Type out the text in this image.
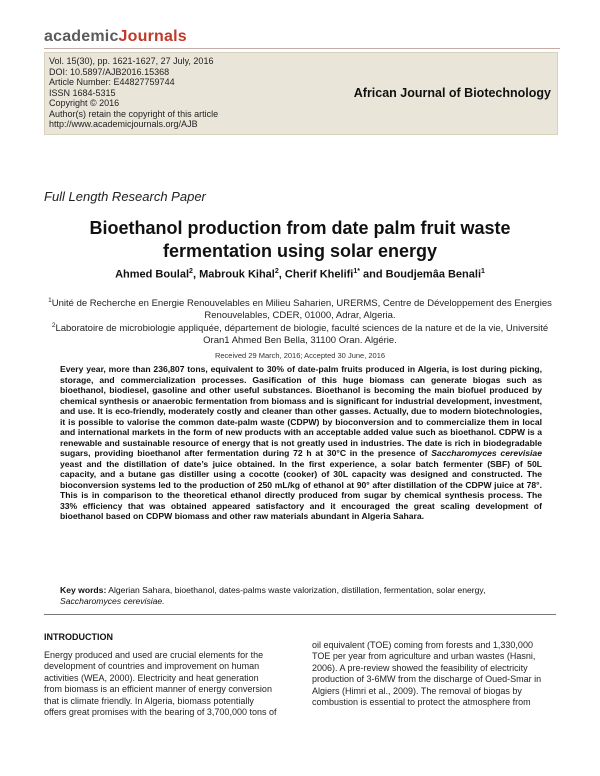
academicJournals
Vol. 15(30), pp. 1621-1627, 27 July, 2016
DOI: 10.5897/AJB2016.15368
Article Number: E44827759744
ISSN 1684-5315
Copyright © 2016
Author(s) retain the copyright of this article
http://www.academicjournals.org/AJB
African Journal of Biotechnology
Full Length Research Paper
Bioethanol production from date palm fruit waste
fermentation using solar energy
Ahmed Boulal$^2$, Mabrouk Kihal$^2$, Cherif Khelifi$^{1*}$ and Boudjemâa Benali$^1$
$^1$Unité de Recherche en Energie Renouvelables en Milieu Saharien, URERMS, Centre de Développement des Energies
Renouvelables, CDER, 01000, Adrar, Algeria.
$^2$Laboratoire de microbiologie appliquée, département de biologie, faculté sciences de la nature et de la vie, Université
Oran1 Ahmed Ben Bella, 31100 Oran. Algérie.
Received 29 March, 2016; Accepted 30 June, 2016
Every year, more than 236,807 tons, equivalent to 30% of date-palm fruits produced in Algeria, is lost during picking, storage, and commercialization processes. Gasification of this huge biomass can generate biogas such as bioethanol, biodiesel, gasoline and other useful substances. Bioethanol is becoming the main biofuel produced by chemical synthesis or anaerobic fermentation from biomass and is significant for industrial development, investment, and use. It is eco-friendly, moderately costly and cleaner than other gasses. Actually, due to modern biotechnologies, it is possible to valorise the common date-palm waste (CDPW) by bioconversion and to commercialize them in local and international markets in the form of new products with an acceptable added value such as bioethanol. CDPW is a renewable and sustainable resource of energy that is not greatly used in industries. The date is rich in biodegradable sugars, providing bioethanol after fermentation during 72 h at 30°C in the presence of Saccharomyces cerevisiae yeast and the distillation of date’s juice obtained. In the first experience, a solar batch fermenter (SBF) of 50L capacity, and a butane gas distiller using a cocotte (cooker) of 30L capacity was designed and constructed. The bioconversion systems led to the production of 250 mL/kg of ethanol at 90° after distillation of the CDPW juice at 78°. This is in comparison to the theoretical ethanol directly produced from sugar by chemical synthesis process. The 33% efficiency that was obtained appeared satisfactory and it encouraged the great scaling development of bioethanol based on CDPW biomass and other raw materials abundant in Algeria Sahara.
Key words: Algerian Sahara, bioethanol, dates-palms waste valorization, distillation, fermentation, solar energy, Saccharomyces cerevisiae.
INTRODUCTION
Energy produced and used are crucial elements for the
development of countries and improvement on human
activities (WEA, 2000). Electricity and heat generation
from biomass is an efficient manner of energy conversion
that is climate friendly. In Algeria, biomass potentially
offers great promises with the bearing of 3,700,000 tons of
oil equivalent (TOE) coming from forests and 1,330,000
TOE per year from agriculture and urban wastes (Hasni,
2006). A pre-review showed the feasibility of electricity
production of 3-6MW from the discharge of Oued-Smar in
Algiers (Himri et al., 2009). The removal of biogas by
combustion is essential to protect the atmosphere from
